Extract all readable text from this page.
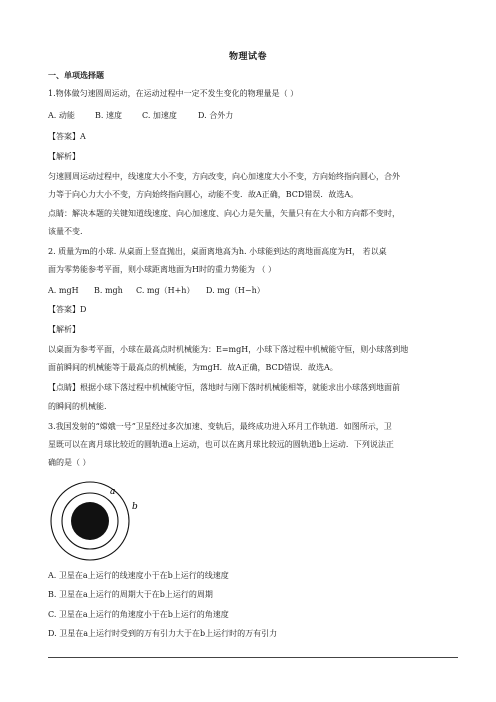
物理试卷
一、单项选择题
1.物体做匀速圆周运动，在运动过程中一定不发生变化的物理量是（ ）
A. 动能	B. 速度	C. 加速度	D. 合外力
【答案】A
【解析】
匀速圆周运动过程中，线速度大小不变，方向改变，向心加速度大小不变，方向始终指向圆心，合外
力等于向心力大小不变，方向始终指向圆心，动能不变．故A正确，BCD错误．故选A。
点睛：解决本题的关键知道线速度、向心加速度、向心力是矢量，矢量只有在大小和方向都不变时，
该量不变.
2. 质量为m的小球. 从桌面上竖直抛出，桌面离地高为h. 小球能到达的离地面高度为H， 若以桌
面为零势能参考平面，则小球距离地面为H时的重力势能为 （ ）
A. mgH B. mgh C. mg（H+h） D. mg（H−h）
【答案】D
【解析】
以桌面为参考平面，小球在最高点时机械能为：E=mgH，小球下落过程中机械能守恒，则小球落到地
面前瞬间的机械能等于最高点的机械能，为mgH．故A正确，BCD错误．故选A。
【点睛】根据小球下落过程中机械能守恒，落地时与刚下落时机械能相等，就能求出小球落到地面前
的瞬间的机械能.
3.我国发射的“嫦娥一号”卫星经过多次加速、变轨后，最终成功进入环月工作轨道．如图所示，卫
星既可以在离月球比较近的圆轨道a上运动，也可以在离月球比较远的圆轨道b上运动．下列说法正
确的是（ ）
a
b
A. 卫星在a上运行的线速度小于在b上运行的线速度
B. 卫星在a上运行的周期大于在b上运行的周期
C. 卫星在a上运行的角速度小于在b上运行的角速度
D. 卫星在a上运行时受到的万有引力大于在b上运行时的万有引力
